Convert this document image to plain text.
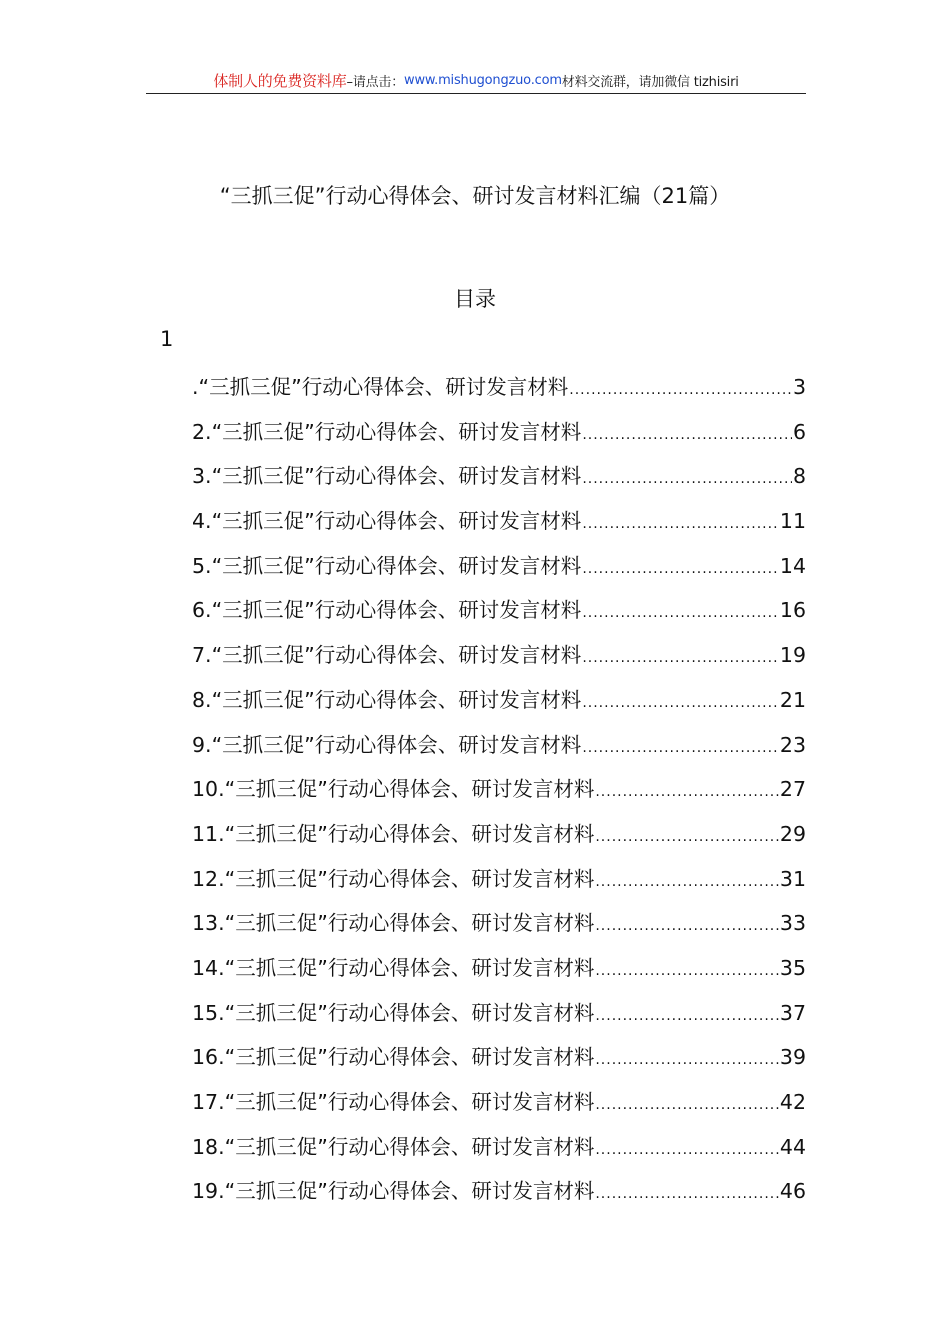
体制人的免费资料库 –请点击： www.mishugongzuo.com 材料交流群，请加微信 tizhisiri
“三抓三促”行动心得体会、研讨发言材料汇编（21篇）
目录
1
. “三抓三促”行动心得体会、研讨发言材料 .....	3
2. “三抓三促”行动心得体会、研讨发言材料 .....	6
3. “三抓三促”行动心得体会、研讨发言材料 .....	8
4. “三抓三促”行动心得体会、研讨发言材料 .....	11
5. “三抓三促”行动心得体会、研讨发言材料 .....	14
6. “三抓三促”行动心得体会、研讨发言材料 .....	16
7. “三抓三促”行动心得体会、研讨发言材料 .....	19
8. “三抓三促”行动心得体会、研讨发言材料 .....	21
9. “三抓三促”行动心得体会、研讨发言材料 .....	23
10. “三抓三促”行动心得体会、研讨发言材料 .....	27
11. “三抓三促”行动心得体会、研讨发言材料 .....	29
12. “三抓三促”行动心得体会、研讨发言材料 .....	31
13. “三抓三促”行动心得体会、研讨发言材料 .....	33
14. “三抓三促”行动心得体会、研讨发言材料 .....	35
15. “三抓三促”行动心得体会、研讨发言材料 .....	37
16. “三抓三促”行动心得体会、研讨发言材料 .....	39
17. “三抓三促”行动心得体会、研讨发言材料 .....	42
18. “三抓三促”行动心得体会、研讨发言材料 .....	44
19. “三抓三促”行动心得体会、研讨发言材料 .....	46
